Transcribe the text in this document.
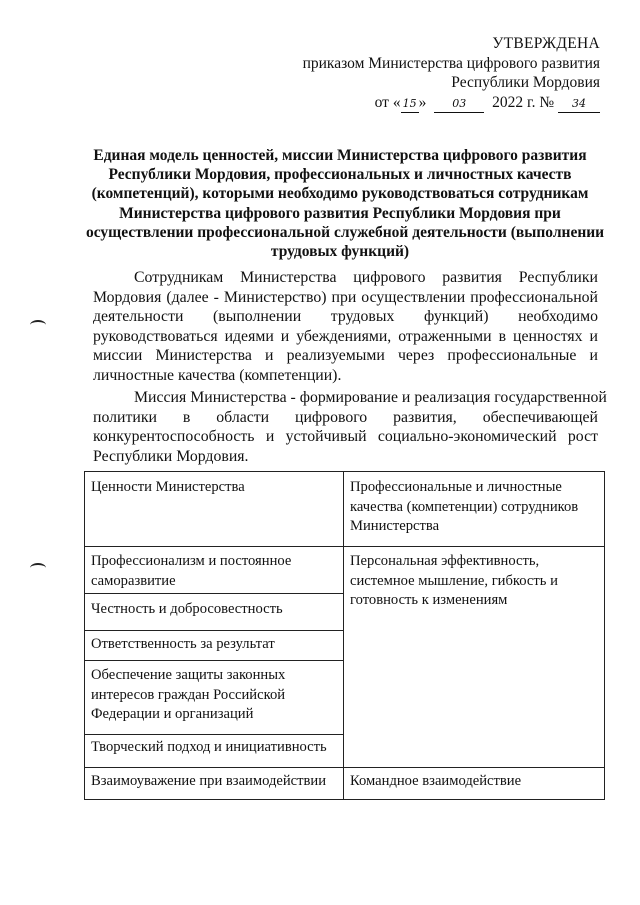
УТВЕРЖДЕНА
приказом Министерства цифрового развития
Республики Мордовия
от « 15 » 03 2022 г. № 34
Единая модель ценностей, миссии Министерства цифрового развития
Республики Мордовия, профессиональных и личностных качеств
(компетенций), которыми необходимо руководствоваться сотрудникам
Министерства цифрового развития Республики Мордовия при
осуществлении профессиональной служебной деятельности (выполнении
трудовых функций)
Сотрудникам Министерства цифрового развития Республики
Мордовия (далее - Министерство) при осуществлении профессиональной
деятельности (выполнении трудовых функций) необходимо
руководствоваться идеями и убеждениями, отраженными в ценностях и
миссии Министерства и реализуемыми через профессиональные и
личностные качества (компетенции).
Миссия Министерства - формирование и реализация государственной
политики в области цифрового развития, обеспечивающей
конкурентоспособность и устойчивый социально-экономический рост
Республики Мордовия.
Ценности Министерства	Профессиональные и личностные
качества (компетенции) сотрудников
Министерства
Профессионализм и постоянное
саморазвитие
Честность и добросовестность
Ответственность за результат
Обеспечение защиты законных
интересов граждан Российской
Федерации и организаций
Творческий подход и инициативность
Взаимоуважение при взаимодействии
Персональная эффективность,
системное мышление, гибкость и
готовность к изменениям
Командное взаимодействие
